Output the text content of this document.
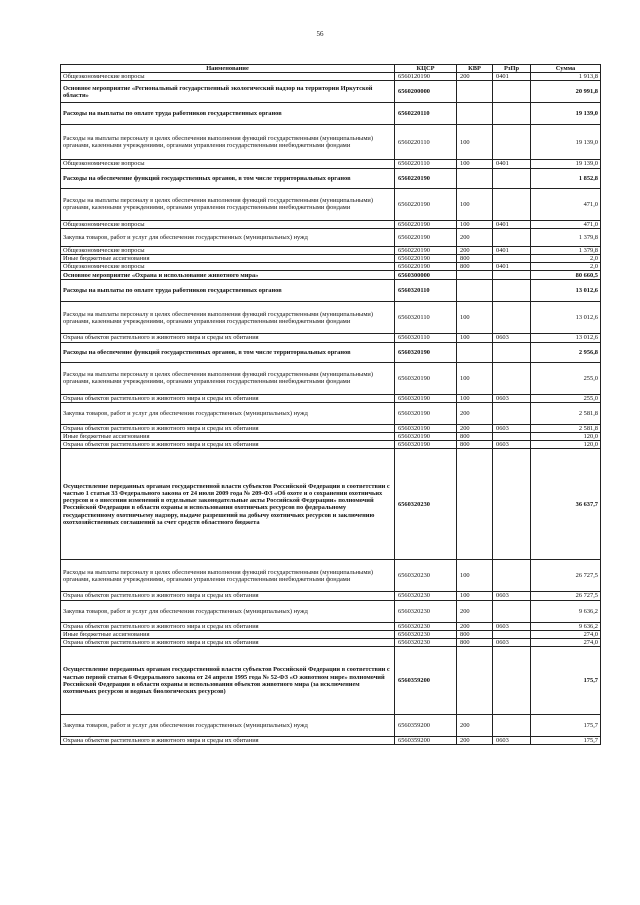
56
Наименование	КЦСР	КВР	РзПр	Сумма
Общеэкономические вопросы	6560120190	200	0401	1 913,8
Основное мероприятие «Региональный государственный экологический надзор на территории Иркутской области»	6560200000			20 991,8
Расходы на выплаты по оплате труда работников государственных органов	6560220110			19 139,0
Расходы на выплаты персоналу в целях обеспечения выполнения функций государственными (муниципальными) органами, казенными учреждениями, органами управления государственными внебюджетными фондами	6560220110	100		19 139,0
Общеэкономические вопросы	6560220110	100	0401	19 139,0
Расходы на обеспечение функций государственных органов, в том числе территориальных органов	6560220190			1 852,8
Расходы на выплаты персоналу в целях обеспечения выполнения функций государственными (муниципальными) органами, казенными учреждениями, органами управления государственными внебюджетными фондами	6560220190	100		471,0
Общеэкономические вопросы	6560220190	100	0401	471,0
Закупка товаров, работ и услуг для обеспечения государственных (муниципальных) нужд	6560220190	200		1 379,8
Общеэкономические вопросы	6560220190	200	0401	1 379,8
Иные бюджетные ассигнования	6560220190	800		2,0
Общеэкономические вопросы	6560220190	800	0401	2,0
Основное мероприятие «Охрана и использование животного мира»	6560300000			80 660,5
Расходы на выплаты по оплате труда работников государственных органов	6560320110			13 012,6
Расходы на выплаты персоналу в целях обеспечения выполнения функций государственными (муниципальными) органами, казенными учреждениями, органами управления государственными внебюджетными фондами	6560320110	100		13 012,6
Охрана объектов растительного и животного мира и среды их обитания	6560320110	100	0603	13 012,6
Расходы на обеспечение функций государственных органов, в том числе территориальных органов	6560320190			2 956,8
Расходы на выплаты персоналу в целях обеспечения выполнения функций государственными (муниципальными) органами, казенными учреждениями, органами управления государственными внебюджетными фондами	6560320190	100		255,0
Охрана объектов растительного и животного мира и среды их обитания	6560320190	100	0603	255,0
Закупка товаров, работ и услуг для обеспечения государственных (муниципальных) нужд	6560320190	200		2 581,8
Охрана объектов растительного и животного мира и среды их обитания	6560320190	200	0603	2 581,8
Иные бюджетные ассигнования	6560320190	800		120,0
Охрана объектов растительного и животного мира и среды их обитания	6560320190	800	0603	120,0
Осуществление переданных органам государственной власти субъектов Российской Федерации в соответствии с частью 1 статьи 33 Федерального закона от 24 июля 2009 года № 209-ФЗ «Об охоте и о сохранении охотничьих ресурсов и о внесении изменений в отдельные законодательные акты Российской Федерации» полномочий Российской Федерации в области охраны и использования охотничьих ресурсов по федеральному государственному охотничьему надзору, выдаче разрешений на добычу охотничьих ресурсов и заключению охотхозяйственных соглашений за счет средств областного бюджета	6560320230			36 637,7
Расходы на выплаты персоналу в целях обеспечения выполнения функций государственными (муниципальными) органами, казенными учреждениями, органами управления государственными внебюджетными фондами	6560320230	100		26 727,5
Охрана объектов растительного и животного мира и среды их обитания	6560320230	100	0603	26 727,5
Закупка товаров, работ и услуг для обеспечения государственных (муниципальных) нужд	6560320230	200		9 636,2
Охрана объектов растительного и животного мира и среды их обитания	6560320230	200	0603	9 636,2
Иные бюджетные ассигнования	6560320230	800		274,0
Охрана объектов растительного и животного мира и среды их обитания	6560320230	800	0603	274,0
Осуществление переданных органам государственной власти субъектов Российской Федерации в соответствии с частью первой статьи 6 Федерального закона от 24 апреля 1995 года № 52-ФЗ «О животном мире» полномочий Российской Федерации в области охраны и использования объектов животного мира (за исключением охотничьих ресурсов и водных биологических ресурсов)	6560359200			175,7
Закупка товаров, работ и услуг для обеспечения государственных (муниципальных) нужд	6560359200	200		175,7
Охрана объектов растительного и животного мира и среды их обитания	6560359200	200	0603	175,7
